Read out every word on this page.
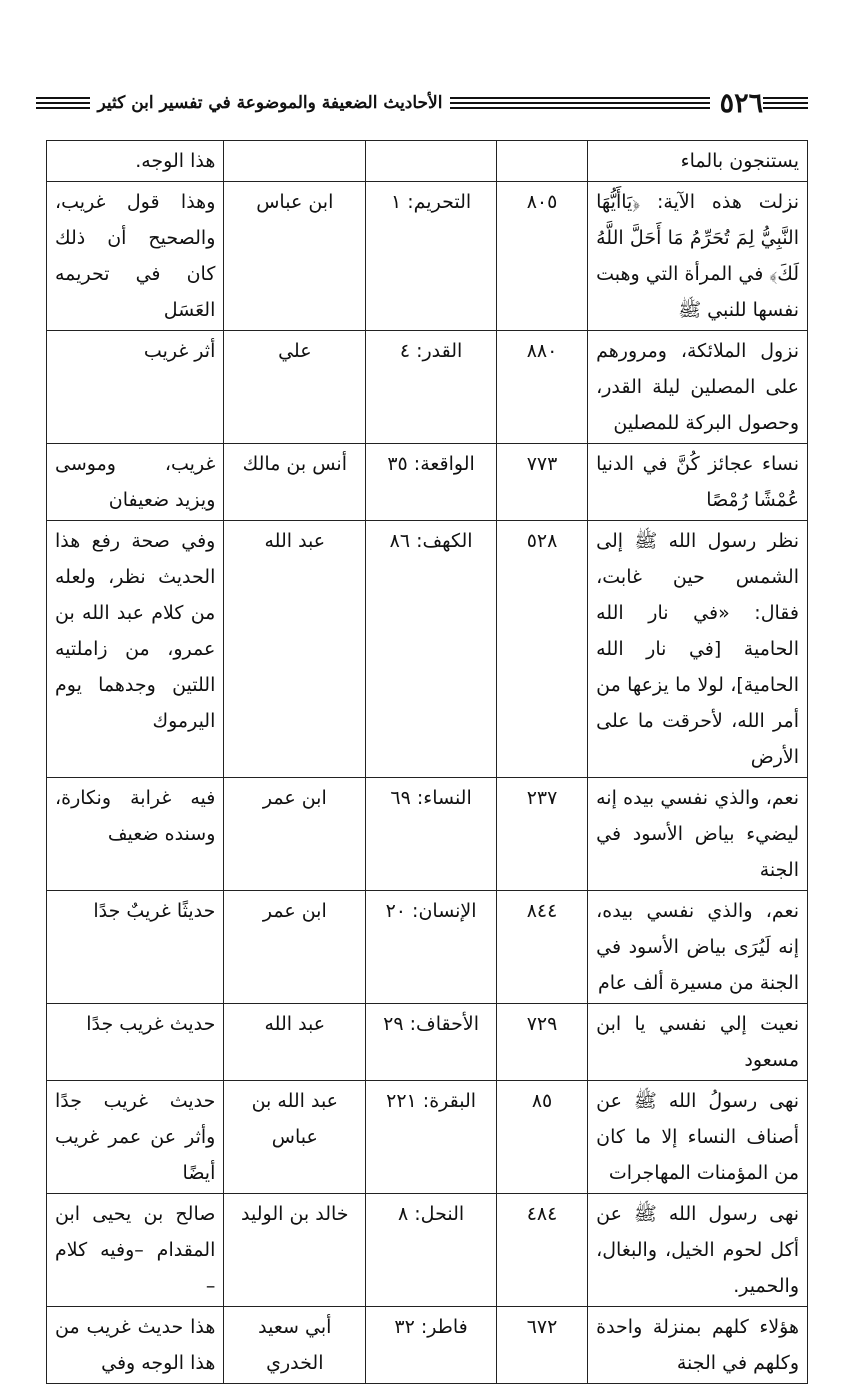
٥٢٦
الأحاديث الضعيفة والموضوعة في تفسير ابن كثير
يستنجون بالماء				هذا الوجه.
نزلت هذه الآية: ﴿يَاأَيُّهَا النَّبِيُّ لِمَ تُحَرِّمُ مَا أَحَلَّ اللَّهُ لَكَ﴾ في المرأة التي وهبت نفسها للنبي ﷺ	٨٠٥	التحريم: ١	ابن عباس	وهذا قول غريب، والصحيح أن ذلك كان في تحريمه العَسَل
نزول الملائكة، ومرورهم على المصلين ليلة القدر، وحصول البركة للمصلين	٨٨٠	القدر: ٤	علي	أثر غريب
نساء عجائز كُنَّ في الدنيا عُمْشًا رُمْصًا	٧٧٣	الواقعة: ٣٥	أنس بن مالك	غريب، وموسى ويزيد ضعيفان
نظر رسول الله ﷺ إلى الشمس حين غابت، فقال: «في نار الله الحامية [في نار الله الحامية]، لولا ما يزعها من أمر الله، لأحرقت ما على الأرض	٥٢٨	الكهف: ٨٦	عبد الله	وفي صحة رفع هذا الحديث نظر، ولعله من كلام عبد الله بن عمرو، من زاملتيه اللتين وجدهما يوم اليرموك
نعم، والذي نفسي بيده إنه ليضيء بياض الأسود في الجنة	٢٣٧	النساء: ٦٩	ابن عمر	فيه غرابة ونكارة، وسنده ضعيف
نعم، والذي نفسي بيده، إنه لَيُرَى بياض الأسود في الجنة من مسيرة ألف عام	٨٤٤	الإنسان: ٢٠	ابن عمر	حديثًا غريبٌ جدًا
نعيت إلي نفسي يا ابن مسعود	٧٢٩	الأحقاف: ٢٩	عبد الله	حديث غريب جدًا
نهى رسولُ الله ﷺ عن أصناف النساء إلا ما كان من المؤمنات المهاجرات	٨٥	البقرة: ٢٢١	عبد الله بن عباس	حديث غريب جدًا وأثر عن عمر غريب أيضًا
نهى رسول الله ﷺ عن أكل لحوم الخيل، والبغال، والحمير.	٤٨٤	النحل: ٨	خالد بن الوليد	صالح بن يحيى ابن المقدام –وفيه كلام –
هؤلاء كلهم بمنزلة واحدة وكلهم في الجنة	٦٧٢	فاطر: ٣٢	أبي سعيد الخدري	هذا حديث غريب من هذا الوجه وفي
